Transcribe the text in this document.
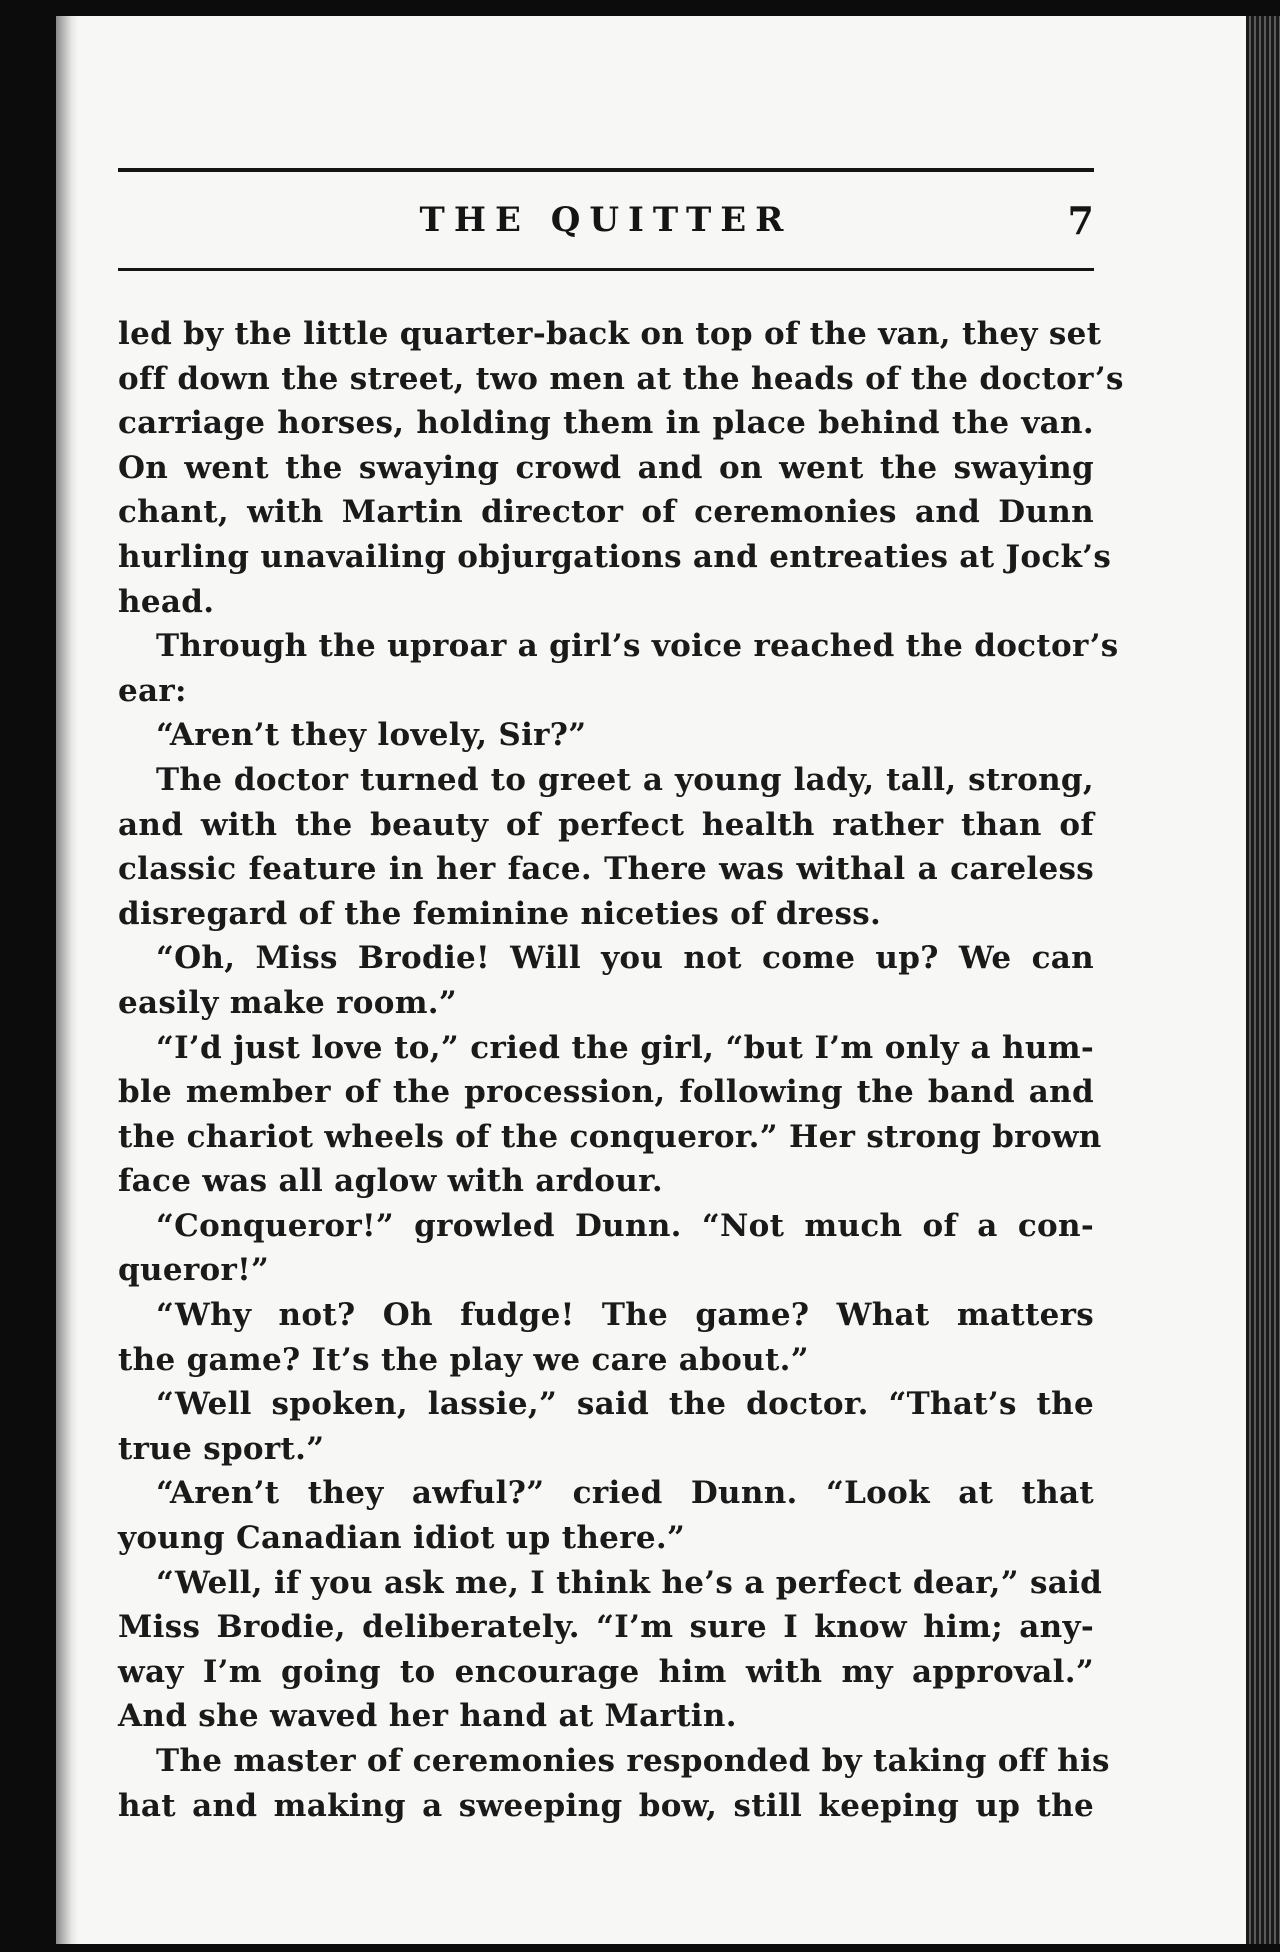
THE QUITTER	7
led by the little quarter-back on top of the van, they set
off down the street, two men at the heads of the doctor’s
carriage horses, holding them in place behind the van.
On went the swaying crowd and on went the swaying
chant, with Martin director of ceremonies and Dunn
hurling unavailing objurgations and entreaties at Jock’s
head.
Through the uproar a girl’s voice reached the doctor’s
ear:
“Aren’t they lovely, Sir?”
The doctor turned to greet a young lady, tall, strong,
and with the beauty of perfect health rather than of
classic feature in her face. There was withal a careless
disregard of the feminine niceties of dress.
“Oh, Miss Brodie! Will you not come up? We can
easily make room.”
“I’d just love to,” cried the girl, “but I’m only a hum-
ble member of the procession, following the band and
the chariot wheels of the conqueror.” Her strong brown
face was all aglow with ardour.
“Conqueror!” growled Dunn. “Not much of a con-
queror!”
“Why not? Oh fudge! The game? What matters
the game? It’s the play we care about.”
“Well spoken, lassie,” said the doctor. “That’s the
true sport.”
“Aren’t they awful?” cried Dunn. “Look at that
young Canadian idiot up there.”
“Well, if you ask me, I think he’s a perfect dear,” said
Miss Brodie, deliberately. “I’m sure I know him; any-
way I’m going to encourage him with my approval.”
And she waved her hand at Martin.
The master of ceremonies responded by taking off his
hat and making a sweeping bow, still keeping up the
